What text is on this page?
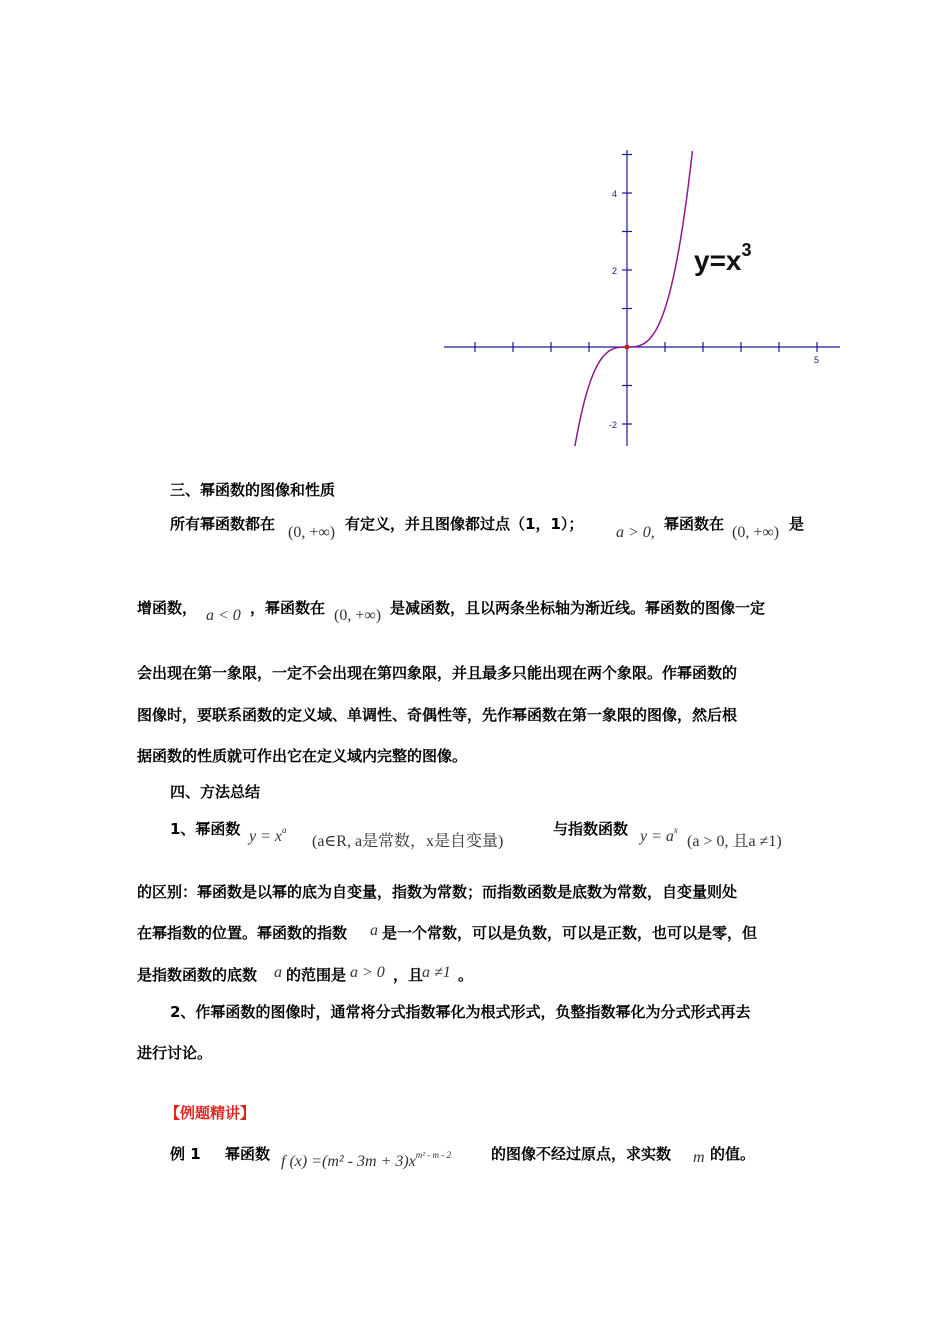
5
4
2
-2
$y=x^3$
三、幂函数的图像和性质
所有幂函数都在 (0, +∞) 有定义，并且图像都过点（1，1）； a > 0, 幂函数在 (0, +∞) 是
增函数， a < 0 ，幂函数在 (0, +∞) 是减函数，且以两条坐标轴为渐近线。幂函数的图像一定
会出现在第一象限，一定不会出现在第四象限，并且最多只能出现在两个象限。作幂函数的
图像时，要联系函数的定义域、单调性、奇偶性等，先作幂函数在第一象限的图像，然后根
据函数的性质就可作出它在定义域内完整的图像。
四、方法总结
1、幂函数 $y = x^a$
(a∈R, a是常数，x是自变量)
与指数函数 $y = a^x$
(a > 0, 且a ≠1)
的区别：幂函数是以幂的底为自变量，指数为常数；而指数函数是底数为常数，自变量则处
在幂指数的位置。幂函数的指数 a 是一个常数，可以是负数，可以是正数，也可以是零，但
是指数函数的底数 a 的范围是 a > 0 ，且
a ≠1 。
2、作幂函数的图像时，通常将分式指数幂化为根式形式，负整指数幂化为分式形式再去
进行讨论。
【例题精讲】
例 1 幂函数 f $(x) =(m^2 - 3m + 3)x^{m^2 - m - 2}$	的图像不经过原点，求实数 m 的值。
